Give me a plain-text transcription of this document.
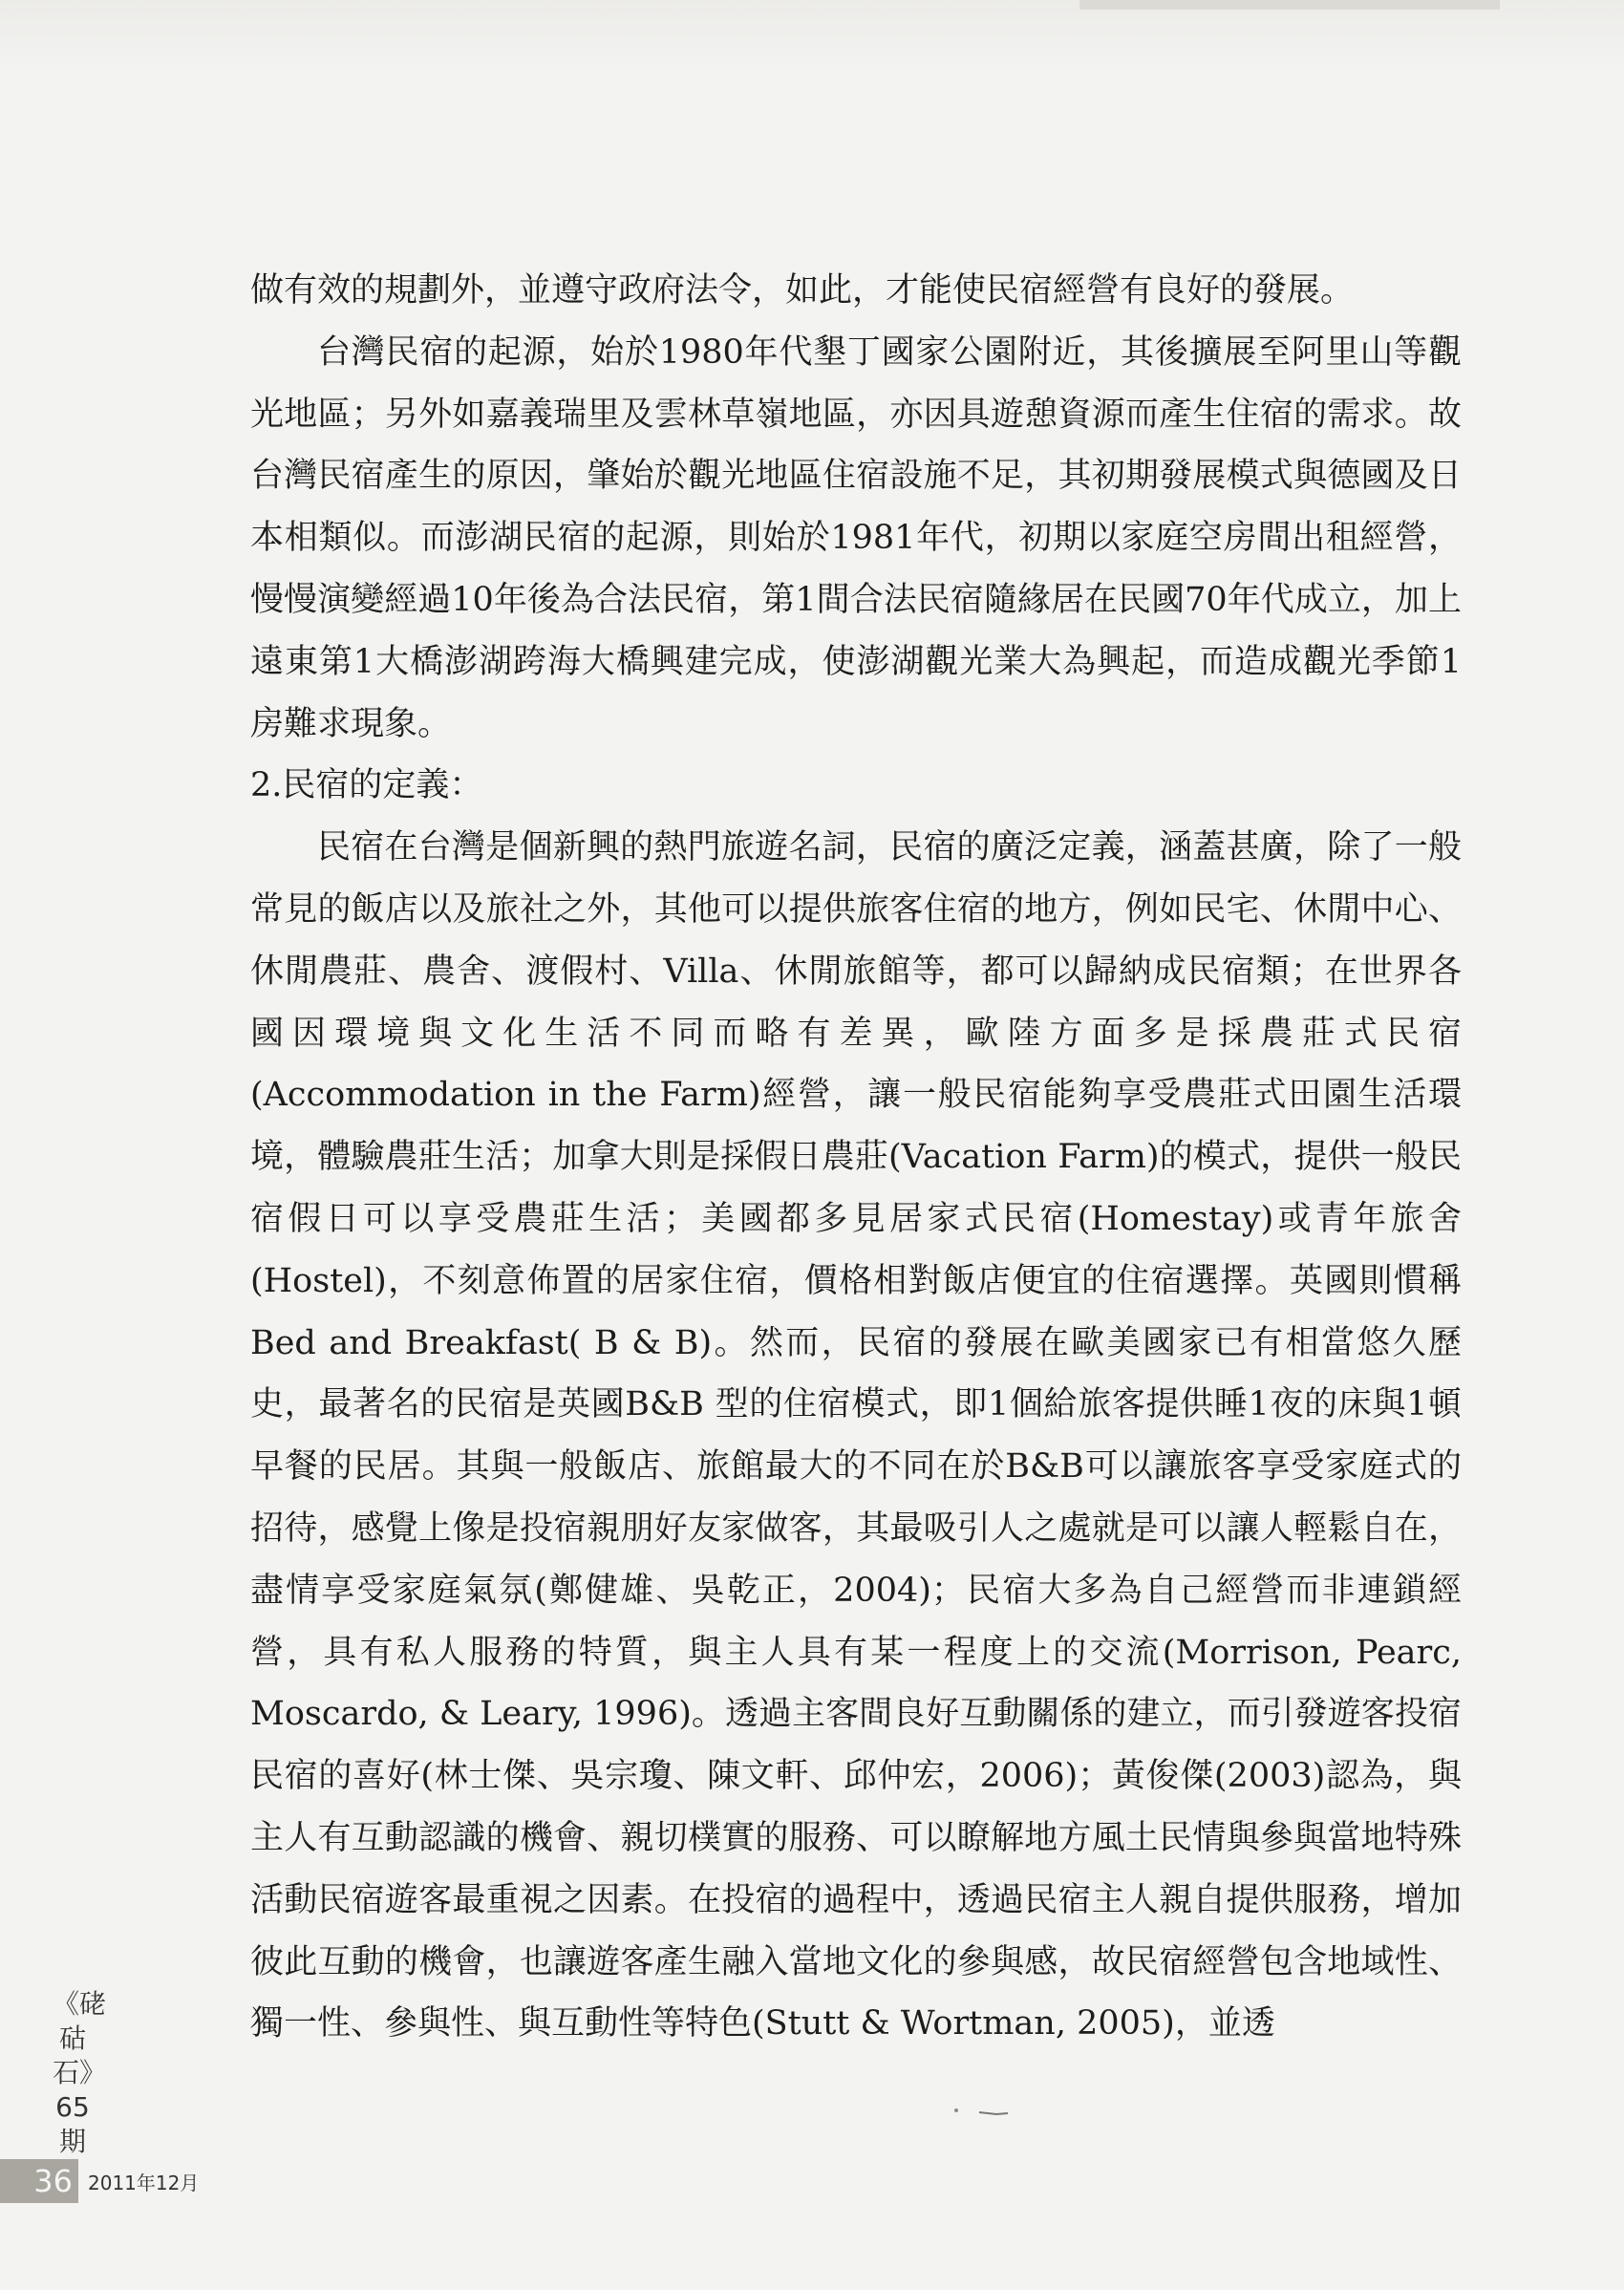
做有效的規劃外，並遵守政府法令，如此，才能使民宿經營有良好的發展。

台灣民宿的起源，始於1980年代墾丁國家公園附近，其後擴展至阿里山等觀光地區；另外如嘉義瑞里及雲林草嶺地區，亦因具遊憩資源而產生住宿的需求。故台灣民宿產生的原因，肇始於觀光地區住宿設施不足，其初期發展模式與德國及日本相類似。而澎湖民宿的起源，則始於1981年代，初期以家庭空房間出租經營，慢慢演變經過10年後為合法民宿，第1間合法民宿隨緣居在民國70年代成立，加上遠東第1大橋澎湖跨海大橋興建完成，使澎湖觀光業大為興起，而造成觀光季節1房難求現象。

2.民宿的定義：

民宿在台灣是個新興的熱門旅遊名詞，民宿的廣泛定義，涵蓋甚廣，除了一般常見的飯店以及旅社之外，其他可以提供旅客住宿的地方，例如民宅、休閒中心、休閒農莊、農舍、渡假村、Villa、休閒旅館等，都可以歸納成民宿類；在世界各國因環境與文化生活不同而略有差異，歐陸方面多是採農莊式民宿(Accommodation in the Farm)經營，讓一般民宿能夠享受農莊式田園生活環境，體驗農莊生活；加拿大則是採假日農莊(Vacation Farm)的模式，提供一般民宿假日可以享受農莊生活；美國都多見居家式民宿(Homestay)或青年旅舍(Hostel)，不刻意佈置的居家住宿，價格相對飯店便宜的住宿選擇。英國則慣稱Bed and Breakfast( B & B)。然而，民宿的發展在歐美國家已有相當悠久歷史，最著名的民宿是英國B&B 型的住宿模式，即1個給旅客提供睡1夜的床與1頓早餐的民居。其與一般飯店、旅館最大的不同在於B&B可以讓旅客享受家庭式的招待，感覺上像是投宿親朋好友家做客，其最吸引人之處就是可以讓人輕鬆自在，盡情享受家庭氣氛(鄭健雄、吳乾正，2004)；民宿大多為自己經營而非連鎖經營，具有私人服務的特質，與主人具有某一程度上的交流(Morrison, Pearc, Moscardo, & Leary, 1996)。透過主客間良好互動關係的建立，而引發遊客投宿民宿的喜好(林士傑、吳宗瓊、陳文軒、邱仲宏，2006)；黃俊傑(2003)認為，與主人有互動認識的機會、親切樸實的服務、可以瞭解地方風土民情與參與當地特殊活動民宿遊客最重視之因素。在投宿的過程中，透過民宿主人親自提供服務，增加彼此互動的機會，也讓遊客產生融入當地文化的參與感，故民宿經營包含地域性、獨一性、參與性、與互動性等特色(Stutt & Wortman, 2005)，並透

《硓𥑮石》65期
36 2011年12月
